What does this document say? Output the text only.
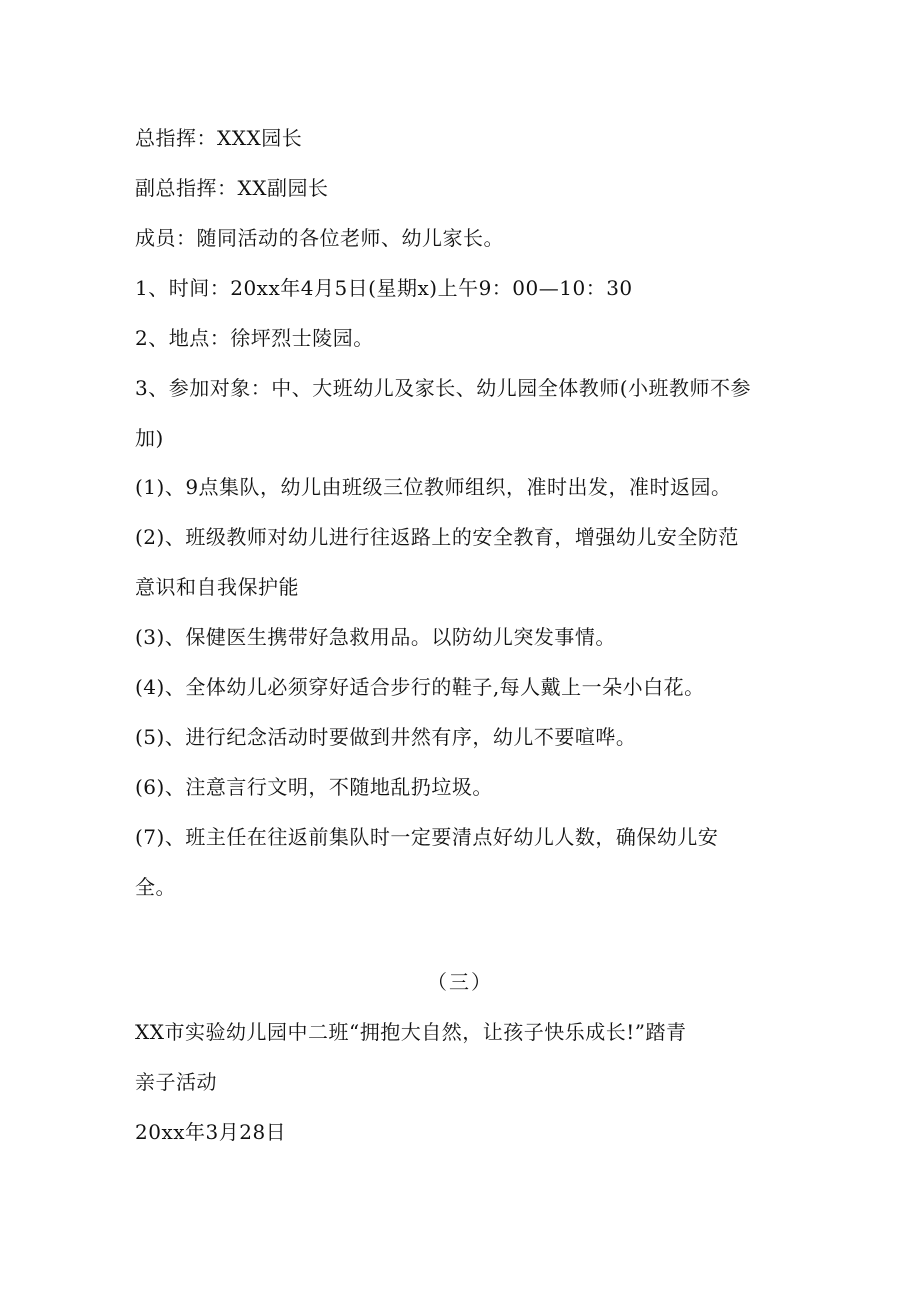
总指挥：XXX园长
副总指挥：XX副园长
成员：随同活动的各位老师、幼儿家长。
1、时间：20xx年4月5日(星期x)上午9：00—10：30
2、地点：徐坪烈士陵园。
3、参加对象：中、大班幼儿及家长、幼儿园全体教师(小班教师不参
加)
(1)、9点集队，幼儿由班级三位教师组织，准时出发，准时返园。
(2)、班级教师对幼儿进行往返路上的安全教育，增强幼儿安全防范
意识和自我保护能
(3)、保健医生携带好急救用品。以防幼儿突发事情。
(4)、全体幼儿必须穿好适合步行的鞋子,每人戴上一朵小白花。
(5)、进行纪念活动时要做到井然有序，幼儿不要喧哗。
(6)、注意言行文明，不随地乱扔垃圾。
(7)、班主任在往返前集队时一定要清点好幼儿人数，确保幼儿安
全。
（三）
XX市实验幼儿园中二班“拥抱大自然，让孩子快乐成长!”踏青
亲子活动
20xx年3月28日
